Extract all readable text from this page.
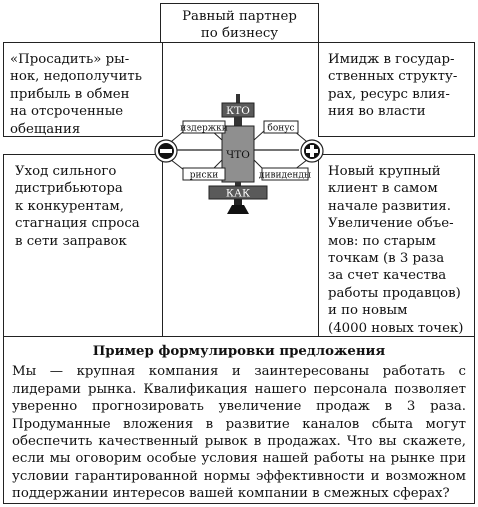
Равный партнер
по бизнесу
«Просадить» ры-
нок, недополучить
прибыль в обмен
на отсроченные
обещания
Имидж в государ-
ственных структу-
рах, ресурс влия-
ния во власти
Уход сильного
дистрибьютора
к конкурентам,
стагнация спроса
в сети заправок
Новый крупный
клиент в самом
начале развития.
Увеличение объе-
мов: по старым
точкам (в 3 раза
за счет качества
работы продавцов)
и по новым
(4000 новых точек)
Пример формулировки предложения
Мы — крупная компания и заинтересованы работать с лидерами рынка. Квалификация нашего персонала позволяет уверенно прогнозировать увеличение продаж в 3 раза. Продуманные вложения в развитие каналов сбыта могут обеспечить качественный рывок в продажах. Что вы скажете, если мы оговорим особые условия нашей работы на рынке при условии гарантированной нормы эффективности и возможном поддержании интересов вашей компании в смежных сферах?
КТО
ЧТО
КАК
издержки	бонус
риски	дивиденды
